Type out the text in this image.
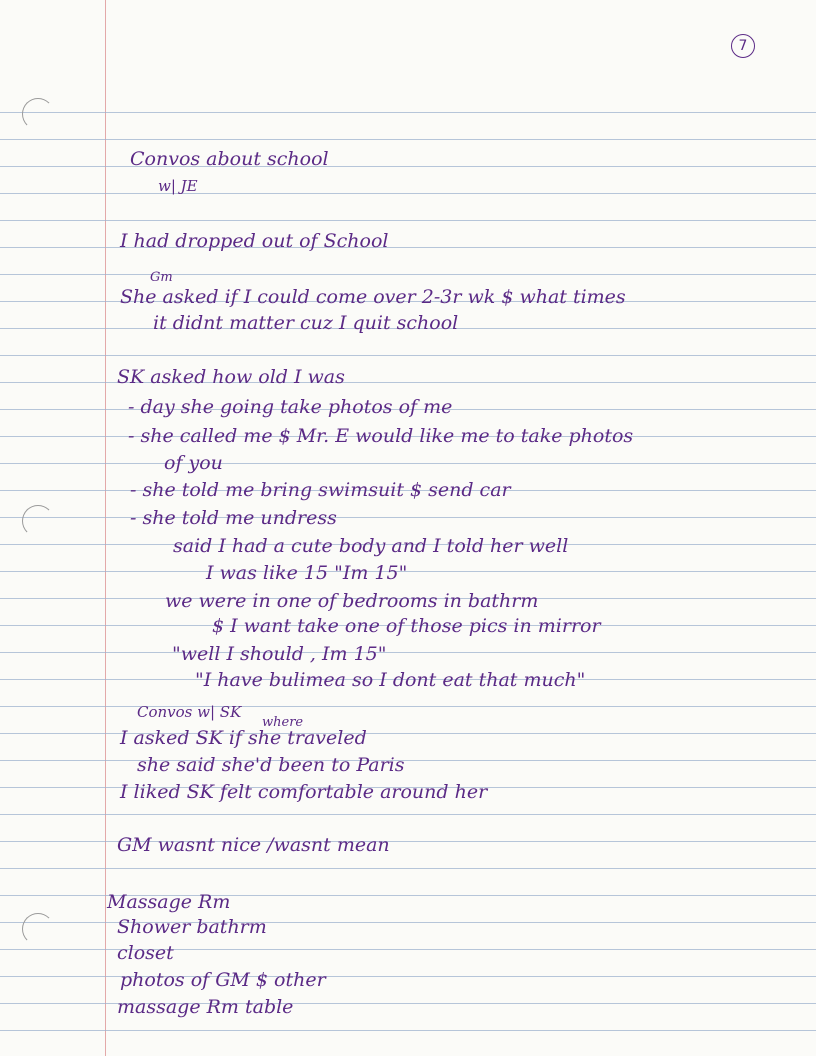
7
Convos about school
w| JE
I had dropped out of School
Gm
She asked if I could come over 2-3r wk $ what times
it didnt matter cuz I quit school
SK asked how old I was
- day she going take photos of me
- she called me $ Mr. E would like me to take photos
of you
- she told me bring swimsuit $ send car
- she told me undress
said I had a cute body and I told her well
I was like 15 "Im 15"
we were in one of bedrooms in bathrm
$ I want take one of those pics in mirror
"well I should , Im 15"
"I have bulimea so I dont eat that much"
Convos w| SK
where
I asked SK if she traveled
she said she'd been to Paris
I liked SK felt comfortable around her
GM wasnt nice /wasnt mean
Massage Rm
Shower bathrm
closet
photos of GM $ other
massage Rm table
